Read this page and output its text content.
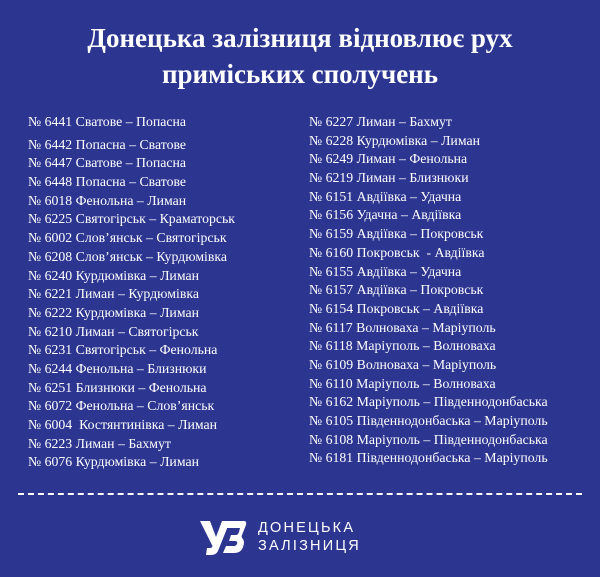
Донецька залізниця відновлює рух
приміських сполучень
№ 6441 Сватове – Попасна
№ 6442 Попасна – Сватове
№ 6447 Сватове – Попасна
№ 6448 Попасна – Сватове
№ 6018 Фенольна – Лиман
№ 6225 Святогірськ – Краматорськ
№ 6002 Слов’янськ – Святогірськ
№ 6208 Слов’янськ – Курдюмівка
№ 6240 Курдюмівка – Лиман
№ 6221 Лиман – Курдюмівка
№ 6222 Курдюмівка – Лиман
№ 6210 Лиман – Святогірськ
№ 6231 Святогірськ – Фенольна
№ 6244 Фенольна – Близнюки
№ 6251 Близнюки – Фенольна
№ 6072 Фенольна – Слов’янськ
№ 6004  Костянтинівка – Лиман
№ 6223 Лиман – Бахмут
№ 6076 Курдюмівка – Лиман
№ 6227 Лиман – Бахмут
№ 6228 Курдюмівка – Лиман
№ 6249 Лиман – Фенольна
№ 6219 Лиман – Близнюки
№ 6151 Авдіївка – Удачна
№ 6156 Удачна – Авдіївка
№ 6159 Авдіївка – Покровськ
№ 6160 Покровськ  - Авдіївка
№ 6155 Авдіївка – Удачна
№ 6157 Авдіївка – Покровськ
№ 6154 Покровськ – Авдіївка
№ 6117 Волноваха – Маріуполь
№ 6118 Маріуполь – Волноваха
№ 6109 Волноваха – Маріуполь
№ 6110 Маріуполь – Волноваха
№ 6162 Маріуполь – Південнодонбаська
№ 6105 Південнодонбаська – Маріуполь
№ 6108 Маріуполь – Південнодонбаська
№ 6181 Південнодонбаська – Маріуполь
ДОНЕЦЬКА
ЗАЛІЗНИЦЯ
